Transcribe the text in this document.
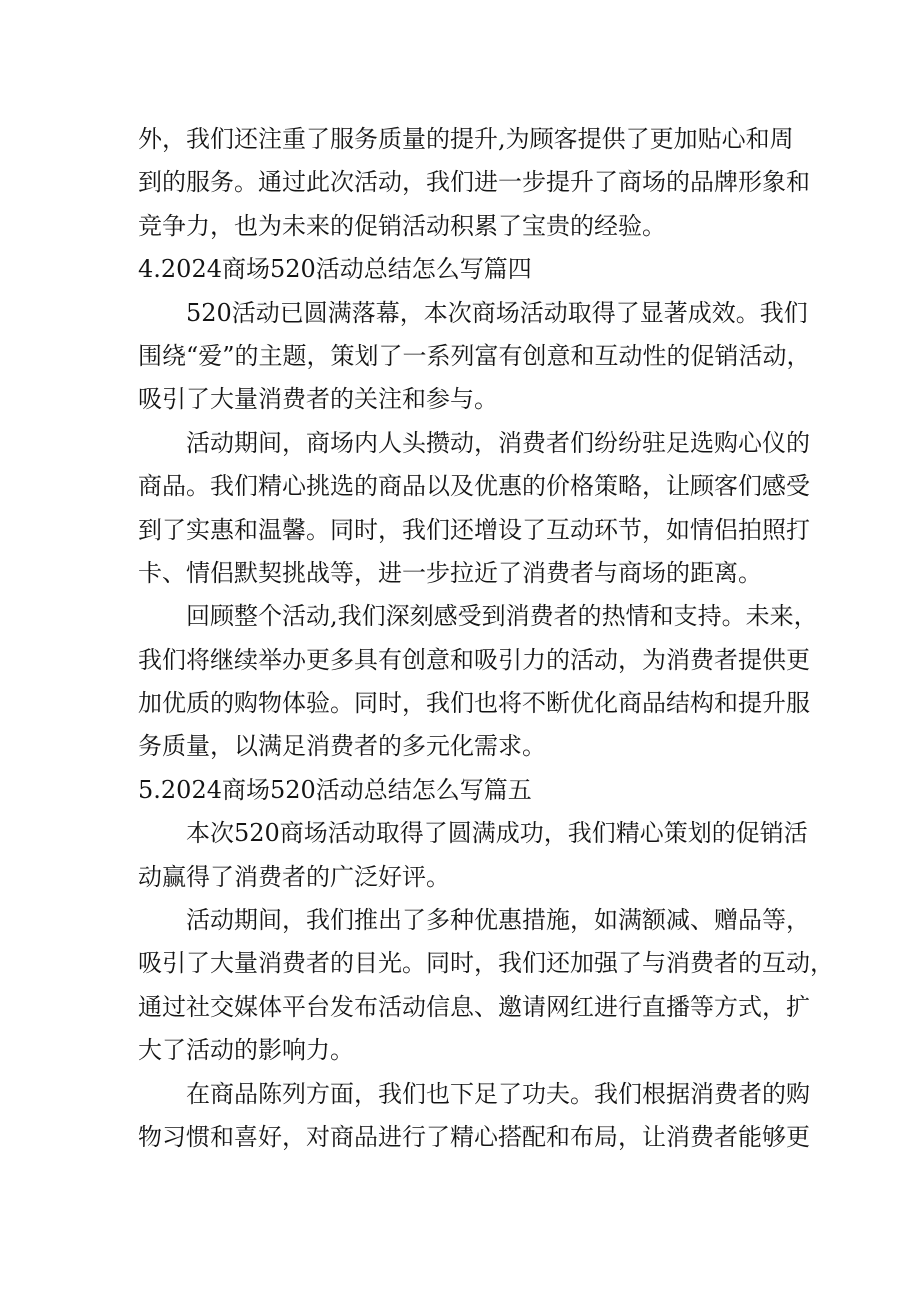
外，我们还注重了服务质量的提升,为顾客提供了更加贴心和周
到的服务。通过此次活动，我们进一步提升了商场的品牌形象和
竞争力，也为未来的促销活动积累了宝贵的经验。
4.2024商场520活动总结怎么写篇四
520活动已圆满落幕，本次商场活动取得了显著成效。我们
围绕“爱”的主题，策划了一系列富有创意和互动性的促销活动，
吸引了大量消费者的关注和参与。
活动期间，商场内人头攒动，消费者们纷纷驻足选购心仪的
商品。我们精心挑选的商品以及优惠的价格策略，让顾客们感受
到了实惠和温馨。同时，我们还增设了互动环节，如情侣拍照打
卡、情侣默契挑战等，进一步拉近了消费者与商场的距离。
回顾整个活动,我们深刻感受到消费者的热情和支持。未来，
我们将继续举办更多具有创意和吸引力的活动，为消费者提供更
加优质的购物体验。同时，我们也将不断优化商品结构和提升服
务质量，以满足消费者的多元化需求。
5.2024商场520活动总结怎么写篇五
本次520商场活动取得了圆满成功，我们精心策划的促销活
动赢得了消费者的广泛好评。
活动期间，我们推出了多种优惠措施，如满额减、赠品等，
吸引了大量消费者的目光。同时，我们还加强了与消费者的互动，
通过社交媒体平台发布活动信息、邀请网红进行直播等方式，扩
大了活动的影响力。
在商品陈列方面，我们也下足了功夫。我们根据消费者的购
物习惯和喜好，对商品进行了精心搭配和布局，让消费者能够更
